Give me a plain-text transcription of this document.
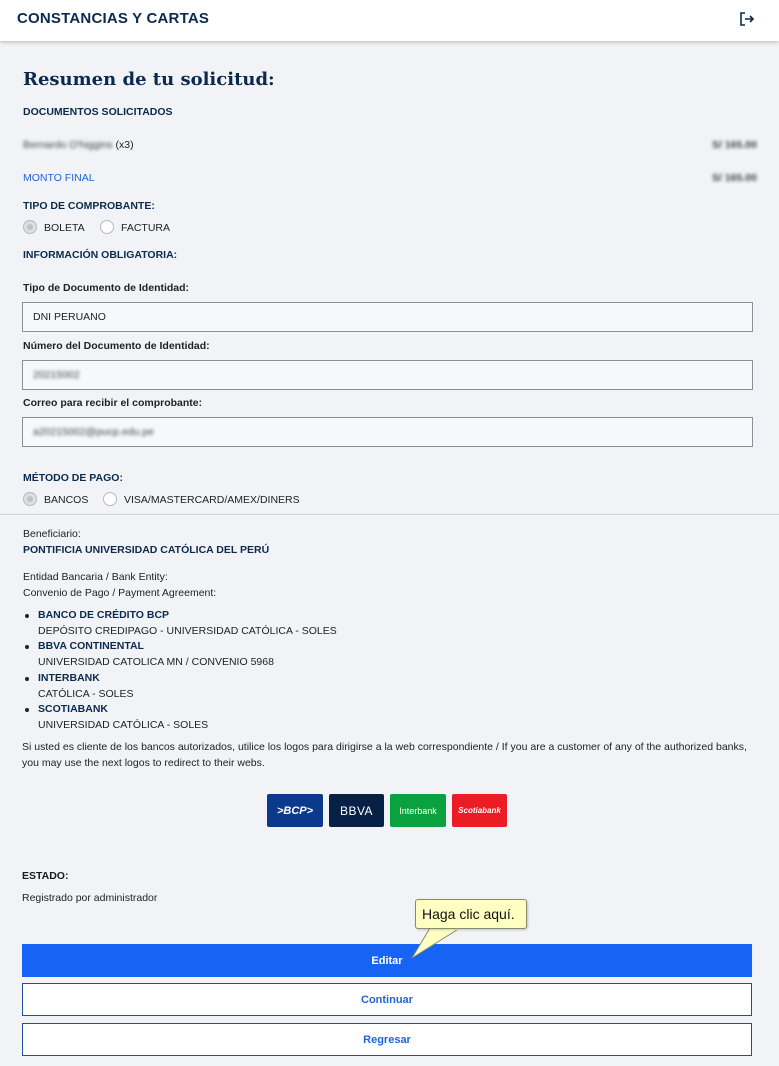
CONSTANCIAS Y CARTAS
Resumen de tu solicitud:
DOCUMENTOS SOLICITADOS
Bernardo O'higgins (x3)	S/ 165.00
MONTO FINAL	S/ 165.00
TIPO DE COMPROBANTE:
BOLETA	FACTURA
INFORMACIÓN OBLIGATORIA:
Tipo de Documento de Identidad:
DNI PERUANO
Número del Documento de Identidad:
20215002
Correo para recibir el comprobante:
a20215002@pucp.edu.pe
MÉTODO DE PAGO:
BANCOS	VISA/MASTERCARD/AMEX/DINERS
Beneficiario:
PONTIFICIA UNIVERSIDAD CATÓLICA DEL PERÚ
Entidad Bancaria / Bank Entity:
Convenio de Pago / Payment Agreement:
BANCO DE CRÉDITO BCP
DEPÓSITO CREDIPAGO - UNIVERSIDAD CATÓLICA - SOLES
BBVA CONTINENTAL
UNIVERSIDAD CATOLICA MN / CONVENIO 5968
INTERBANK
CATÓLICA - SOLES
SCOTIABANK
UNIVERSIDAD CATÓLICA - SOLES
Si usted es cliente de los bancos autorizados, utilice los logos para dirigirse a la web correspondiente / If you are a customer of any of the authorized banks,
you may use the next logos to redirect to their webs.
>BCP>	BBVA	Interbank	Scotiabank
ESTADO:
Registrado por administrador
Editar
Continuar
Regresar
Haga clic aquí.
